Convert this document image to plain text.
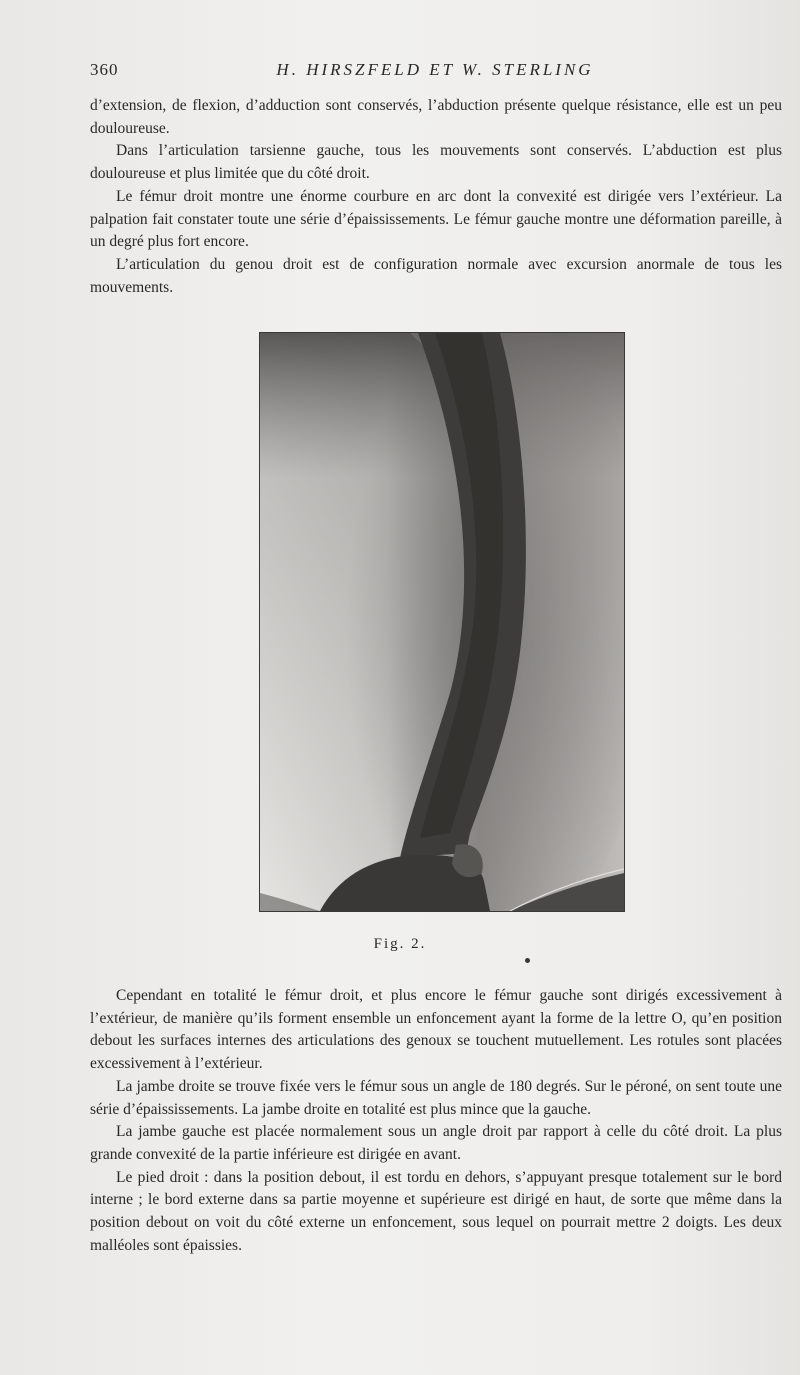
360	H. HIRSZFELD ET W. STERLING

d’extension, de flexion, d’adduction sont conservés, l’abduction présente quelque résistance, elle est un peu douloureuse.

Dans l’articulation tarsienne gauche, tous les mouvements sont conservés. L’abduction est plus douloureuse et plus limitée que du côté droit.

Le fémur droit montre une énorme courbure en arc dont la convexité est dirigée vers l’extérieur. La palpation fait constater toute une série d’épaississements. Le fémur gauche montre une déformation pareille, à un degré plus fort encore.

L’articulation du genou droit est de configuration normale avec excursion anormale de tous les mouvements.

Fig. 2.

Cependant en totalité le fémur droit, et plus encore le fémur gauche sont dirigés excessivement à l’extérieur, de manière qu’ils forment ensemble un enfoncement ayant la forme de la lettre O, qu’en position debout les surfaces internes des articulations des genoux se touchent mutuellement. Les rotules sont placées excessivement à l’extérieur.

La jambe droite se trouve fixée vers le fémur sous un angle de 180 degrés. Sur le péroné, on sent toute une série d’épaississements. La jambe droite en totalité est plus mince que la gauche.

La jambe gauche est placée normalement sous un angle droit par rapport à celle du côté droit. La plus grande convexité de la partie inférieure est dirigée en avant.

Le pied droit : dans la position debout, il est tordu en dehors, s’appuyant presque totalement sur le bord interne ; le bord externe dans sa partie moyenne et supérieure est dirigé en haut, de sorte que même dans la position debout on voit du côté externe un enfoncement, sous lequel on pourrait mettre 2 doigts. Les deux malléoles sont épaissies.
